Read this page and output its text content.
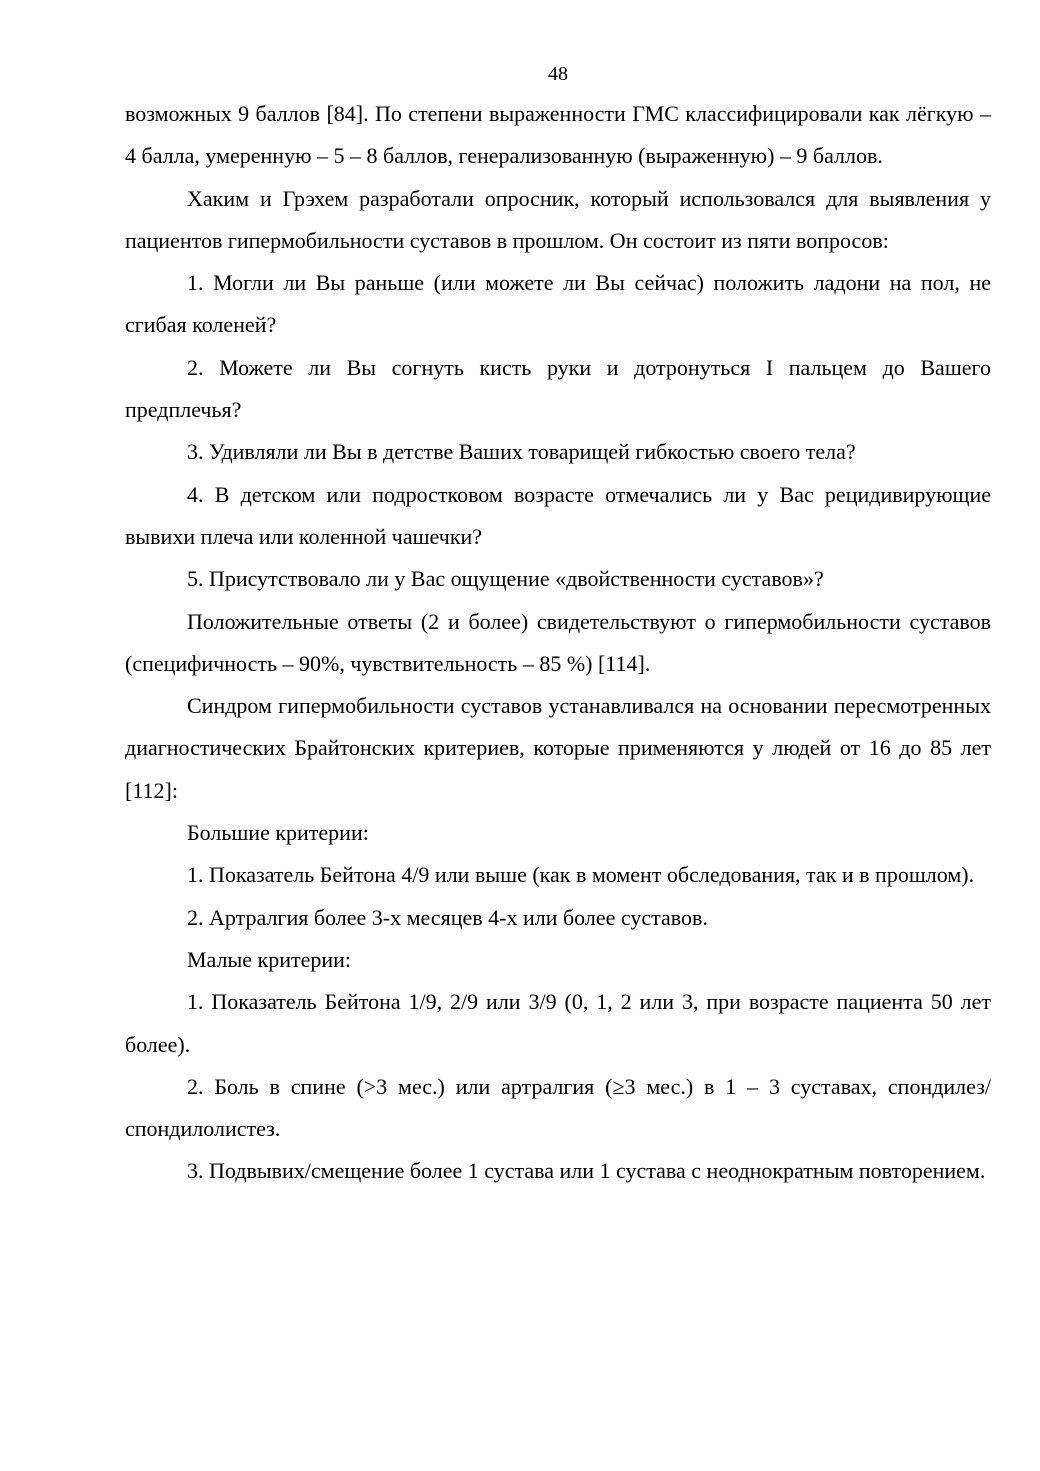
48

возможных 9 баллов [84]. По степени выраженности ГМС классифицировали как лёгкую – 4 балла, умеренную – 5 – 8 баллов, генерализованную (выраженную) – 9 баллов.

Хаким и Грэхем разработали опросник, который использовался для выявления у пациентов гипермобильности суставов в прошлом. Он состоит из пяти вопросов:

1. Могли ли Вы раньше (или можете ли Вы сейчас) положить ладони на пол, не сгибая коленей?

2. Можете ли Вы согнуть кисть руки и дотронуться I пальцем до Вашего предплечья?

3. Удивляли ли Вы в детстве Ваших товарищей гибкостью своего тела?

4. В детском или подростковом возрасте отмечались ли у Вас рецидивирующие вывихи плеча или коленной чашечки?

5. Присутствовало ли у Вас ощущение «двойственности суставов»?

Положительные ответы (2 и более) свидетельствуют о гипермобильности суставов (специфичность – 90%, чувствительность – 85 %) [114].

Синдром гипермобильности суставов устанавливался на основании пересмотренных диагностических Брайтонских критериев, которые применяются у людей от 16 до 85 лет [112]:

Большие критерии:

1. Показатель Бейтона 4/9 или выше (как в момент обследования, так и в прошлом).

2. Артралгия более 3-х месяцев 4-х или более суставов.

Малые критерии:

1. Показатель Бейтона 1/9, 2/9 или 3/9 (0, 1, 2 или 3, при возрасте пациента 50 лет более).

2. Боль в спине (>3 мес.) или артралгия (≥3 мес.) в 1 – 3 суставах, спондилез/спондилолистез.

3. Подвывих/смещение более 1 сустава или 1 сустава с неоднократным повторением.
